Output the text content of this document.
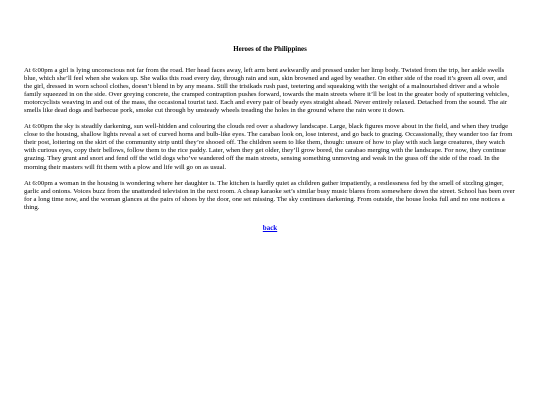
Heroes of the Philippines

At 6:00pm a girl is lying unconscious not far from the road. Her head faces away, left arm bent awkwardly and pressed under her limp body. Twisted from the trip, her ankle swells blue, which she’ll feel when she wakes up. She walks this road every day, through rain and sun, skin browned and aged by weather. On either side of the road it’s green all over, and the girl, dressed in worn school clothes, doesn’t blend in by any means. Still the trisikads rush past, teetering and squeaking with the weight of a malnourished driver and a whole family squeezed in on the side. Over greying concrete, the cramped contraption pushes forward, towards the main streets where it’ll be lost in the greater body of sputtering vehicles, motorcyclists weaving in and out of the mass, the occasional tourist taxi. Each and every pair of beady eyes straight ahead. Never entirely relaxed. Detached from the sound. The air smells like dead dogs and barbecue pork, smoke cut through by unsteady wheels treading the holes in the ground where the rain wore it down.

At 6:00pm the sky is steadily darkening, sun well-hidden and colouring the clouds red over a shadowy landscape. Large, black figures move about in the field, and when they trudge close to the housing, shallow lights reveal a set of curved horns and bulb-like eyes. The carabao look on, lose interest, and go back to grazing. Occassionally, they wander too far from their post, loitering on the skirt of the community strip until they’re shooed off. The children seem to like them, though: unsure of how to play with such large creatures, they watch with curious eyes, copy their bellows, follow them to the rice paddy. Later, when they get older, they’ll grow bored, the carabao merging with the landscape. For now, they continue grazing. They grunt and snort and fend off the wild dogs who’ve wandered off the main streets, sensing something unmoving and weak in the grass off the side of the road. In the morning their masters will fit them with a plow and life will go on as usual.

At 6:00pm a woman in the housing is wondering where her daughter is. The kitchen is hardly quiet as children gather impatiently, a restlessness fed by the smell of sizzling ginger, garlic and onions. Voices buzz from the unattended television in the next room. A cheap karaoke set’s similar busy music blares from somewhere down the street. School has been over for a long time now, and the woman glances at the pairs of shoes by the door, one set missing. The sky continues darkening. From outside, the house looks full and no one notices a thing.

back
